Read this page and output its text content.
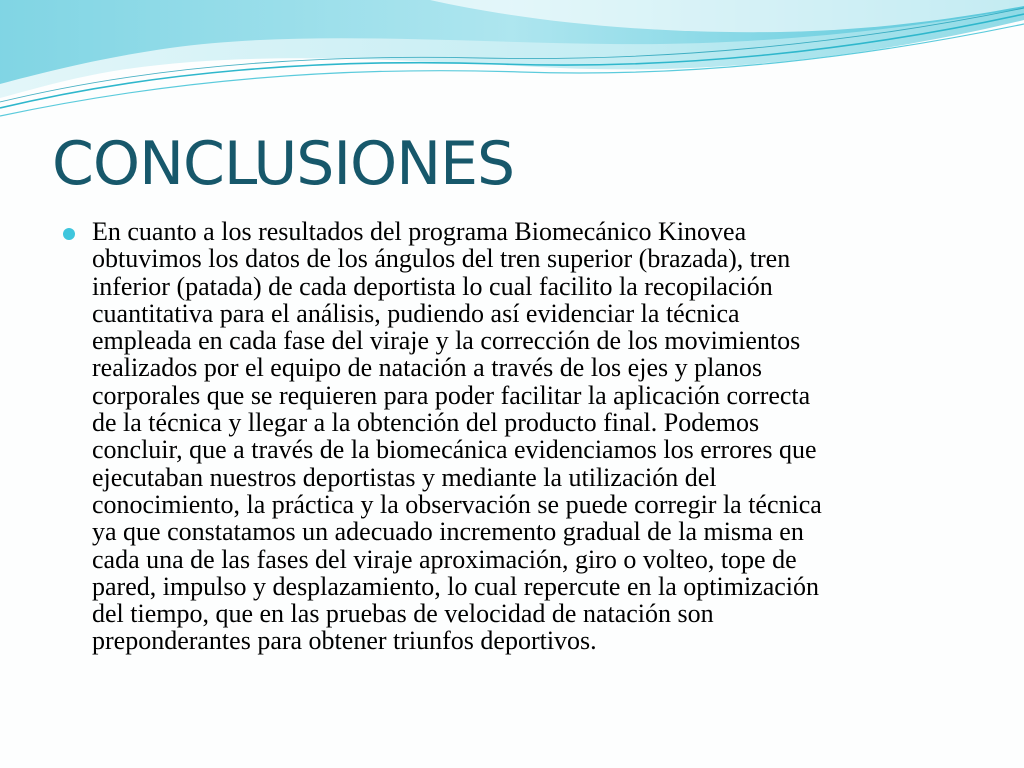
CONCLUSIONES
En cuanto a los resultados del programa Biomecánico Kinovea
obtuvimos los datos de los ángulos del tren superior (brazada), tren
inferior (patada) de cada deportista lo cual facilito la recopilación
cuantitativa para el análisis, pudiendo así evidenciar la técnica
empleada en cada fase del viraje y la corrección de los movimientos
realizados por el equipo de natación a través de los ejes y planos
corporales que se requieren para poder facilitar la aplicación correcta
de la técnica y llegar a la obtención del producto final. Podemos
concluir, que a través de la biomecánica evidenciamos los errores que
ejecutaban nuestros deportistas y mediante la utilización del
conocimiento, la práctica y la observación se puede corregir la técnica
ya que constatamos un adecuado incremento gradual de la misma en
cada una de las fases del viraje aproximación, giro o volteo, tope de
pared, impulso y desplazamiento, lo cual repercute en la optimización
del tiempo, que en las pruebas de velocidad de natación son
preponderantes para obtener triunfos deportivos.
